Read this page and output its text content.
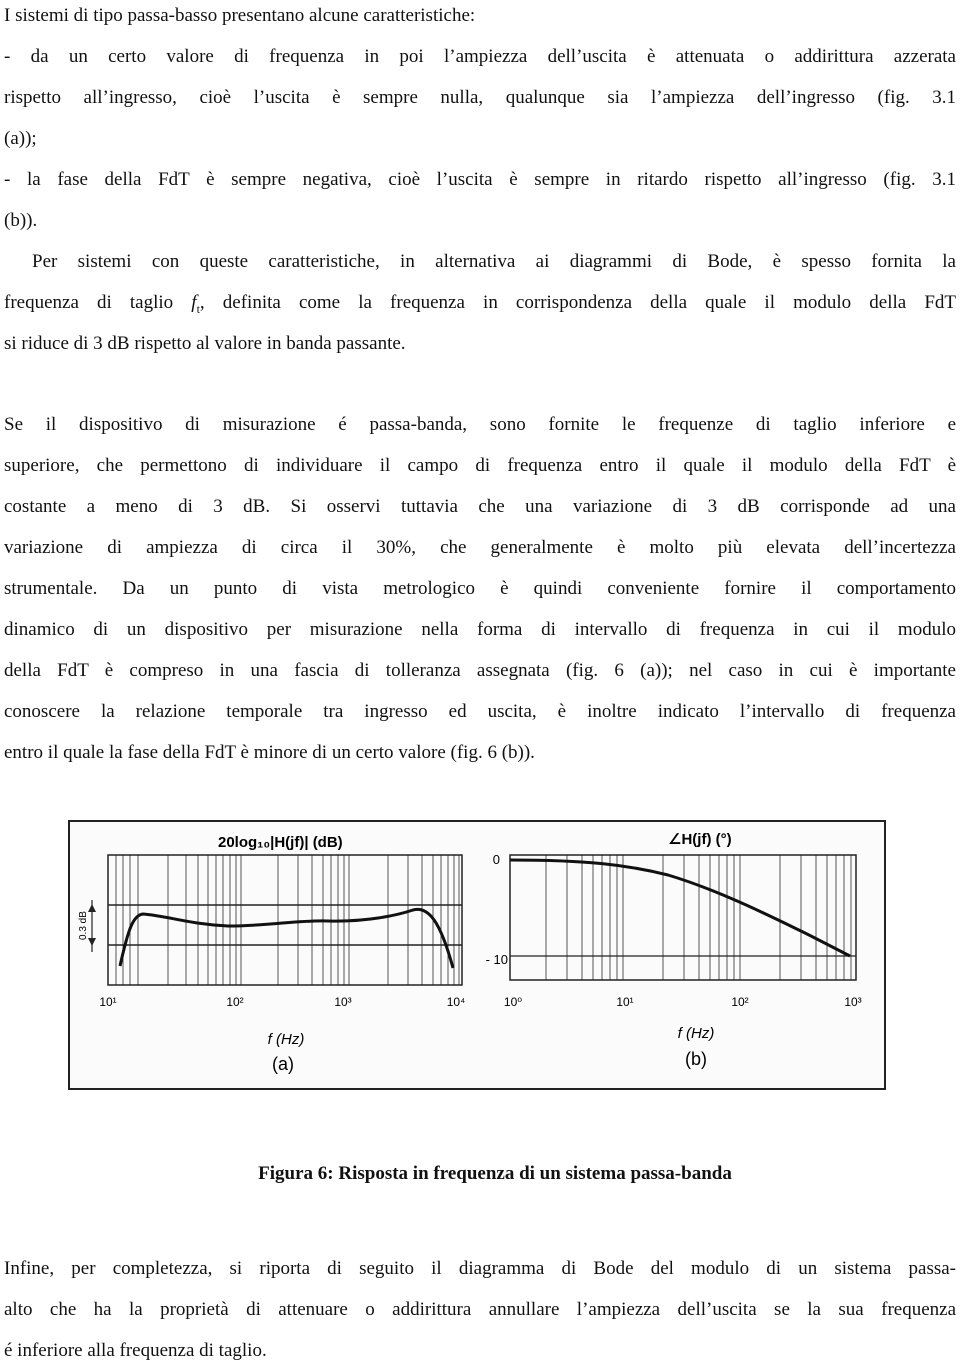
I sistemi di tipo passa-basso presentano alcune caratteristiche:
- da un certo valore di frequenza in poi l’ampiezza dell’uscita è attenuata o addirittura azzerata
rispetto all’ingresso, cioè l’uscita è sempre nulla, qualunque sia l’ampiezza dell’ingresso (fig. 3.1
(a));
- la fase della FdT è sempre negativa, cioè l’uscita è sempre in ritardo rispetto all’ingresso (fig. 3.1
(b)).
Per sistemi con queste caratteristiche, in alternativa ai diagrammi di Bode, è spesso fornita la
frequenza di taglio $f_t$, definita come la frequenza in corrispondenza della quale il modulo della FdT
si riduce di 3 dB rispetto al valore in banda passante.
Se il dispositivo di misurazione é passa-banda, sono fornite le frequenze di taglio inferiore e
superiore, che permettono di individuare il campo di frequenza entro il quale il modulo della FdT è
costante a meno di 3 dB. Si osservi tuttavia che una variazione di 3 dB corrisponde ad una
variazione di ampiezza di circa il 30%, che generalmente è molto più elevata dell’incertezza
strumentale. Da un punto di vista metrologico è quindi conveniente fornire il comportamento
dinamico di un dispositivo per misurazione nella forma di intervallo di frequenza in cui il modulo
della FdT è compreso in una fascia di tolleranza assegnata (fig. 6 (a)); nel caso in cui è importante
conoscere la relazione temporale tra ingresso ed uscita, è inoltre indicato l’intervallo di frequenza
entro il quale la fase della FdT è minore di un certo valore (fig. 6 (b)).
20log₁₀|H(jf)| (dB)
0.3 dB
10¹	10²	10³	10⁴
f (Hz)
(a)
∠H(jf) (°)
0
- 10
10⁰	10¹	10²	10³
f (Hz)
(b)
Figura 6: Risposta in frequenza di un sistema passa-banda
Infine, per completezza, si riporta di seguito il diagramma di Bode del modulo di un sistema passa-
alto che ha la proprietà di attenuare o addirittura annullare l’ampiezza dell’uscita se la sua frequenza
é inferiore alla frequenza di taglio.
